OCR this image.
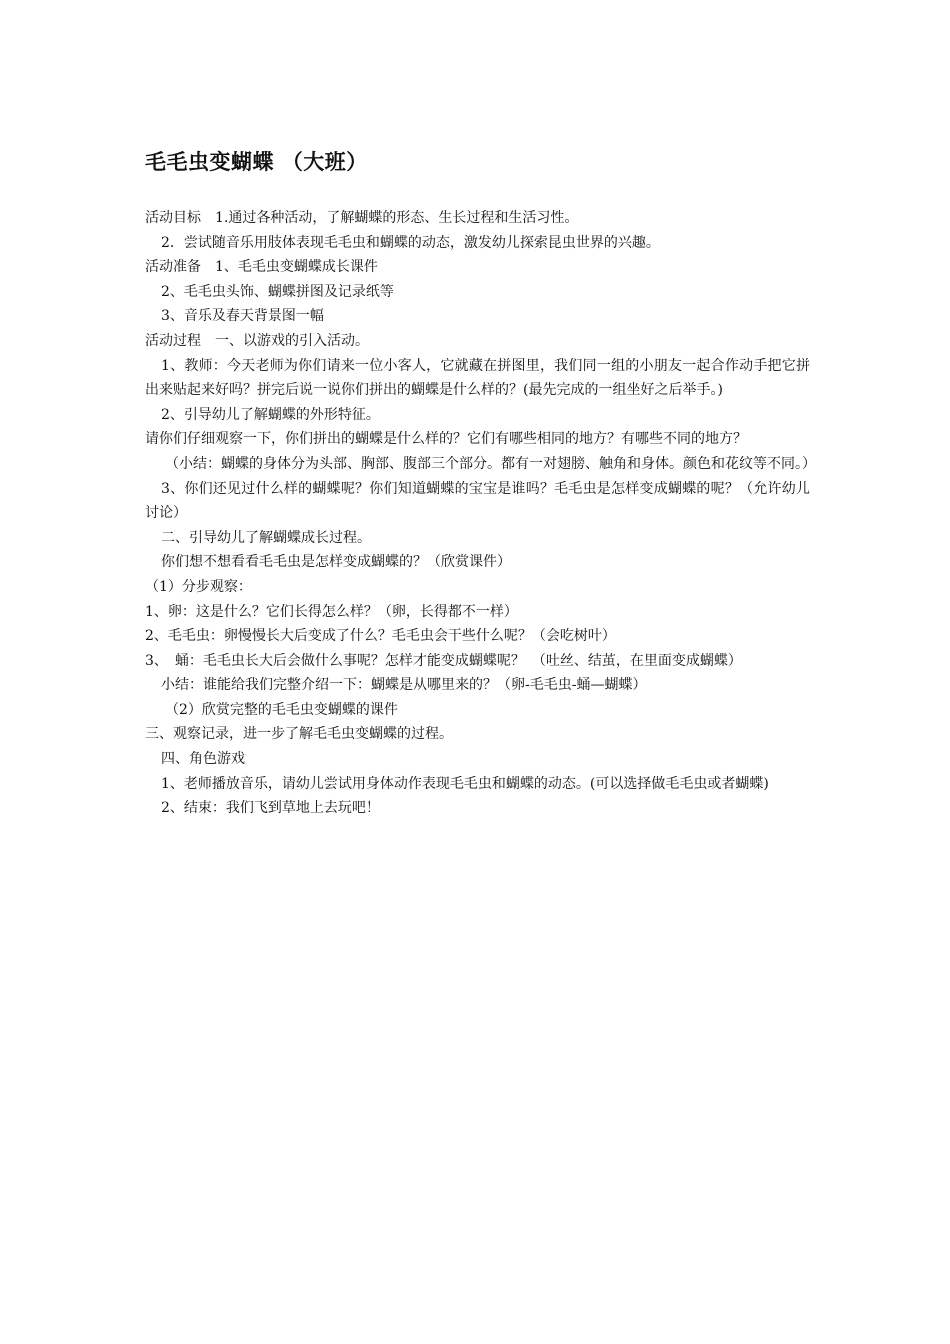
毛毛虫变蝴蝶 （大班）
活动目标　1.通过各种活动，了解蝴蝶的形态、生长过程和生活习性。
2．尝试随音乐用肢体表现毛毛虫和蝴蝶的动态，激发幼儿探索昆虫世界的兴趣。
活动准备　1、毛毛虫变蝴蝶成长课件
2、毛毛虫头饰、蝴蝶拼图及记录纸等
3、音乐及春天背景图一幅
活动过程　一、以游戏的引入活动。
1、教师：今天老师为你们请来一位小客人，它就藏在拼图里，我们同一组的小朋友一起合作动手把它拼出来贴起来好吗？拼完后说一说你们拼出的蝴蝶是什么样的？(最先完成的一组坐好之后举手。)
2、引导幼儿了解蝴蝶的外形特征。
请你们仔细观察一下，你们拼出的蝴蝶是什么样的？它们有哪些相同的地方？有哪些不同的地方？
（小结：蝴蝶的身体分为头部、胸部、腹部三个部分。都有一对翅膀、触角和身体。颜色和花纹等不同。）
3、你们还见过什么样的蝴蝶呢？你们知道蝴蝶的宝宝是谁吗？毛毛虫是怎样变成蝴蝶的呢？（允许幼儿讨论）
二、引导幼儿了解蝴蝶成长过程。
你们想不想看看毛毛虫是怎样变成蝴蝶的？（欣赏课件）
（1）分步观察：
1、卵：这是什么？它们长得怎么样？（卵，长得都不一样）
2、毛毛虫：卵慢慢长大后变成了什么？毛毛虫会干些什么呢？（会吃树叶）
3、　蛹：毛毛虫长大后会做什么事呢？怎样才能变成蝴蝶呢？　（吐丝、结茧，在里面变成蝴蝶）
小结：谁能给我们完整介绍一下：蝴蝶是从哪里来的？（卵-毛毛虫-蛹—蝴蝶）
（2）欣赏完整的毛毛虫变蝴蝶的课件
三、观察记录，进一步了解毛毛虫变蝴蝶的过程。
四、角色游戏
1、老师播放音乐，请幼儿尝试用身体动作表现毛毛虫和蝴蝶的动态。(可以选择做毛毛虫或者蝴蝶)
2、结束：我们飞到草地上去玩吧！
